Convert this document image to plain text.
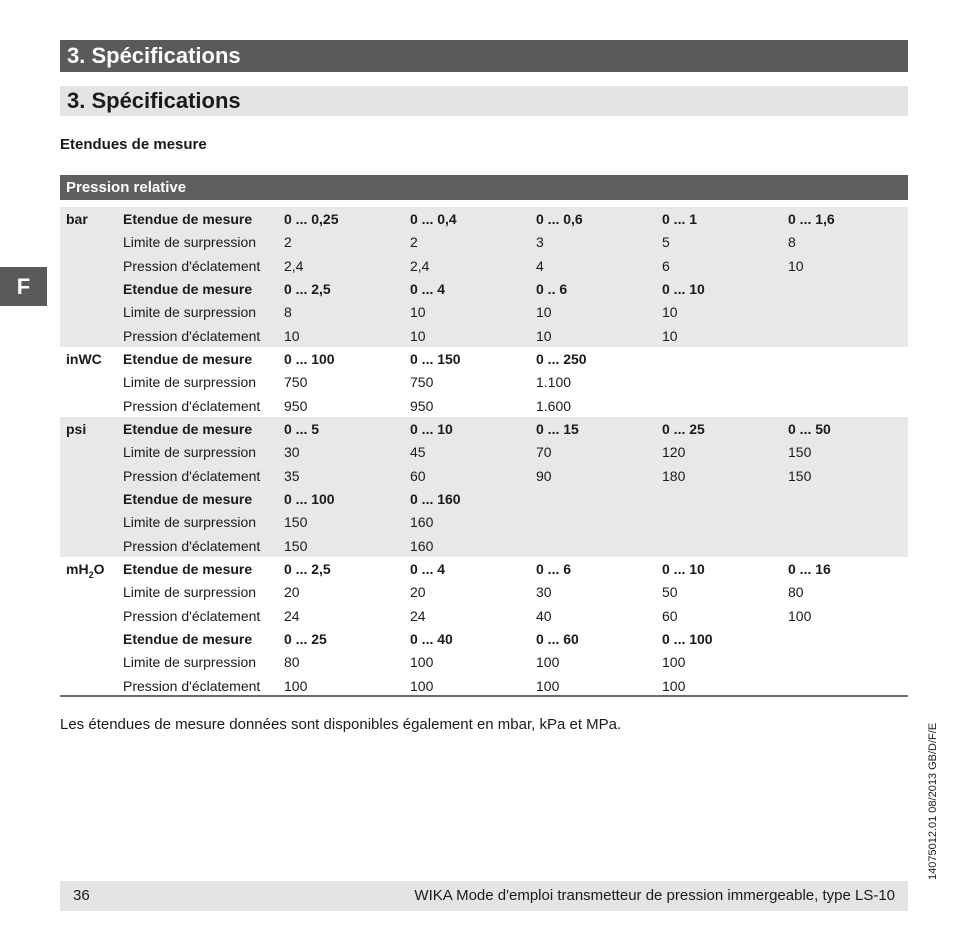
3. Spécifications
3. Spécifications
Etendues de mesure
Pression relative
bar	Etendue de mesure 0 ... 0,25	0 ... 0,4	0 ... 0,6	0 ... 1	0 ... 1,6
Limite de surpression 2	2	3	5	8
Pression d'éclatement 2,4	2,4	4	6	10
Etendue de mesure 0 ... 2,5	0 ... 4	0 .. 6	0 ... 10
Limite de surpression 8	10	10	10
Pression d'éclatement 10	10	10	10
inWC Etendue de mesure 0 ... 100	0 ... 150	0 ... 250
Limite de surpression 750	750	1.100
Pression d'éclatement 950	950	1.600
psi	Etendue de mesure 0 ... 5	0 ... 10	0 ... 15	0 ... 25	0 ... 50
Limite de surpression 30	45	70	120	150
Pression d'éclatement 35	60	90	180	150
Etendue de mesure 0 ... 100	0 ... 160
Limite de surpression 150	160
Pression d'éclatement 150	160
$mH_2O$ Etendue de mesure 0 ... 2,5	0 ... 4	0 ... 6	0 ... 10	0 ... 16
Limite de surpression 20	20	30	50	80
Pression d'éclatement 24	24	40	60	100
Etendue de mesure 0 ... 25	0 ... 40	0 ... 60	0 ... 100
Limite de surpression 80	100	100	100
Pression d'éclatement 100	100	100	100
Les étendues de mesure données sont disponibles également en mbar, kPa et MPa.
F
14075012.01 08/2013 GB/D/F/E
36	WIKA Mode d'emploi transmetteur de pression immergeable, type LS-10
